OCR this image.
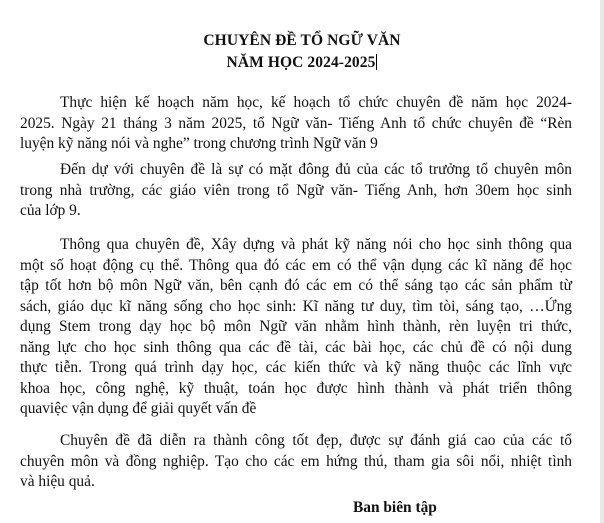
CHUYÊN ĐỀ TỔ NGỮ VĂN
NĂM HỌC 2024-2025
Thực hiện kế hoạch năm học, kế hoạch tổ chức chuyên đề năm học 2024-
2025. Ngày 21 tháng 3 năm 2025, tổ Ngữ văn- Tiếng Anh tổ chức chuyên đề “Rèn
luyện kỹ năng nói và nghe” trong chương trình Ngữ văn 9
Đến dự với chuyên đề là sự có mặt đông đủ của các tổ trưởng tổ chuyên môn
trong nhà trường, các giáo viên trong tổ Ngữ văn- Tiếng Anh, hơn 30em học sinh
của lớp 9.
Thông qua chuyên đề, Xây dựng và phát kỹ năng nói cho học sinh thông qua
một số hoạt động cụ thể. Thông qua đó các em có thể vận dụng các kĩ năng để học
tập tốt hơn bộ môn Ngữ văn, bên cạnh đó các em có thể sáng tạo các sản phẩm từ
sách, giáo dục kĩ năng sống cho học sinh: Kĩ năng tư duy, tìm tòi, sáng tạo, …Ứng
dụng Stem trong dạy học bộ môn Ngữ văn nhằm hình thành, rèn luyện tri thức,
năng lực cho học sinh thông qua các đề tài, các bài học, các chủ đề có nội dung
thực tiễn. Trong quá trình dạy học, các kiến thức và kỹ năng thuộc các lĩnh vực
khoa học, công nghệ, kỹ thuật, toán học được hình thành và phát triển thông
quaviệc vận dụng để giải quyết vấn đề
Chuyên đề đã diễn ra thành công tốt đẹp, được sự đánh giá cao của các tổ
chuyên môn và đồng nghiệp. Tạo cho các em hứng thú, tham gia sôi nổi, nhiệt tình
và hiệu quả.
Ban biên tập
